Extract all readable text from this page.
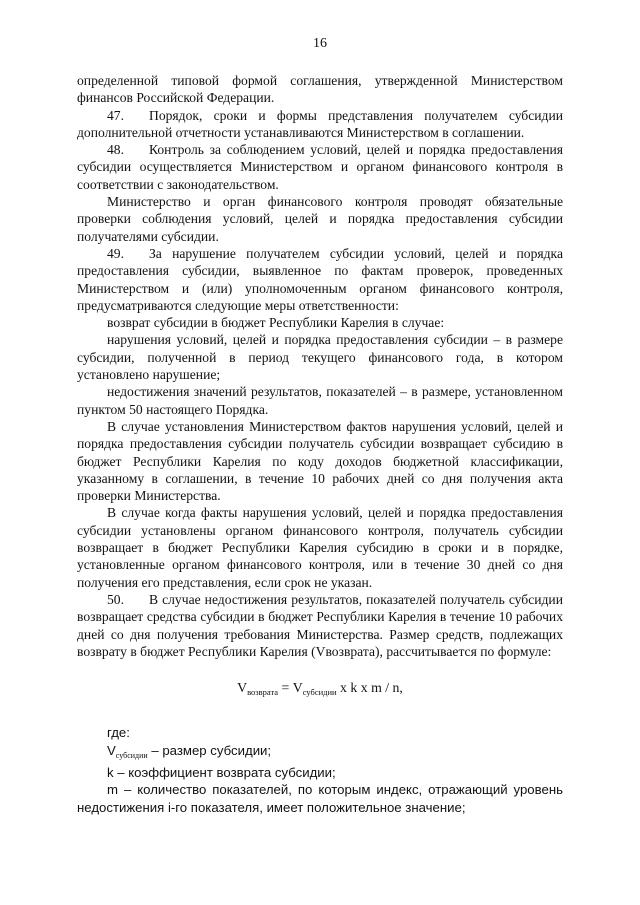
16

определенной типовой формой соглашения, утвержденной Министерством финансов Российской Федерации.

47. Порядок, сроки и формы представления получателем субсидии дополнительной отчетности устанавливаются Министерством в соглашении.

48. Контроль за соблюдением условий, целей и порядка предоставления субсидии осуществляется Министерством и органом финансового контроля в соответствии с законодательством.

Министерство и орган финансового контроля проводят обязательные проверки соблюдения условий, целей и порядка предоставления субсидии получателями субсидии.

49. За нарушение получателем субсидии условий, целей и порядка предоставления субсидии, выявленное по фактам проверок, проведенных Министерством и (или) уполномоченным органом финансового контроля, предусматриваются следующие меры ответственности:

возврат субсидии в бюджет Республики Карелия в случае:

нарушения условий, целей и порядка предоставления субсидии – в размере субсидии, полученной в период текущего финансового года, в котором установлено нарушение;

недостижения значений результатов, показателей – в размере, установленном пунктом 50 настоящего Порядка.

В случае установления Министерством фактов нарушения условий, целей и порядка предоставления субсидии получатель субсидии возвращает субсидию в бюджет Республики Карелия по коду доходов бюджетной классификации, указанному в соглашении, в течение 10 рабочих дней со дня получения акта проверки Министерства.

В случае когда факты нарушения условий, целей и порядка предоставления субсидии установлены органом финансового контроля, получатель субсидии возвращает в бюджет Республики Карелия субсидию в сроки и в порядке, установленные органом финансового контроля, или в течение 30 дней со дня получения его представления, если срок не указан.

50. В случае недостижения результатов, показателей получатель субсидии возвращает средства субсидии в бюджет Республики Карелия в течение 10 рабочих дней со дня получения требования Министерства. Размер средств, подлежащих возврату в бюджет Республики Карелия (Vвозврата), рассчитывается по формуле:

$V_{возврата} = V_{субсидии}$ x k x m / n,

где:

$V_{субсидии}$ – размер субсидии;

k – коэффициент возврата субсидии;

m – количество показателей, по которым индекс, отражающий уровень недостижения i-го показателя, имеет положительное значение;
